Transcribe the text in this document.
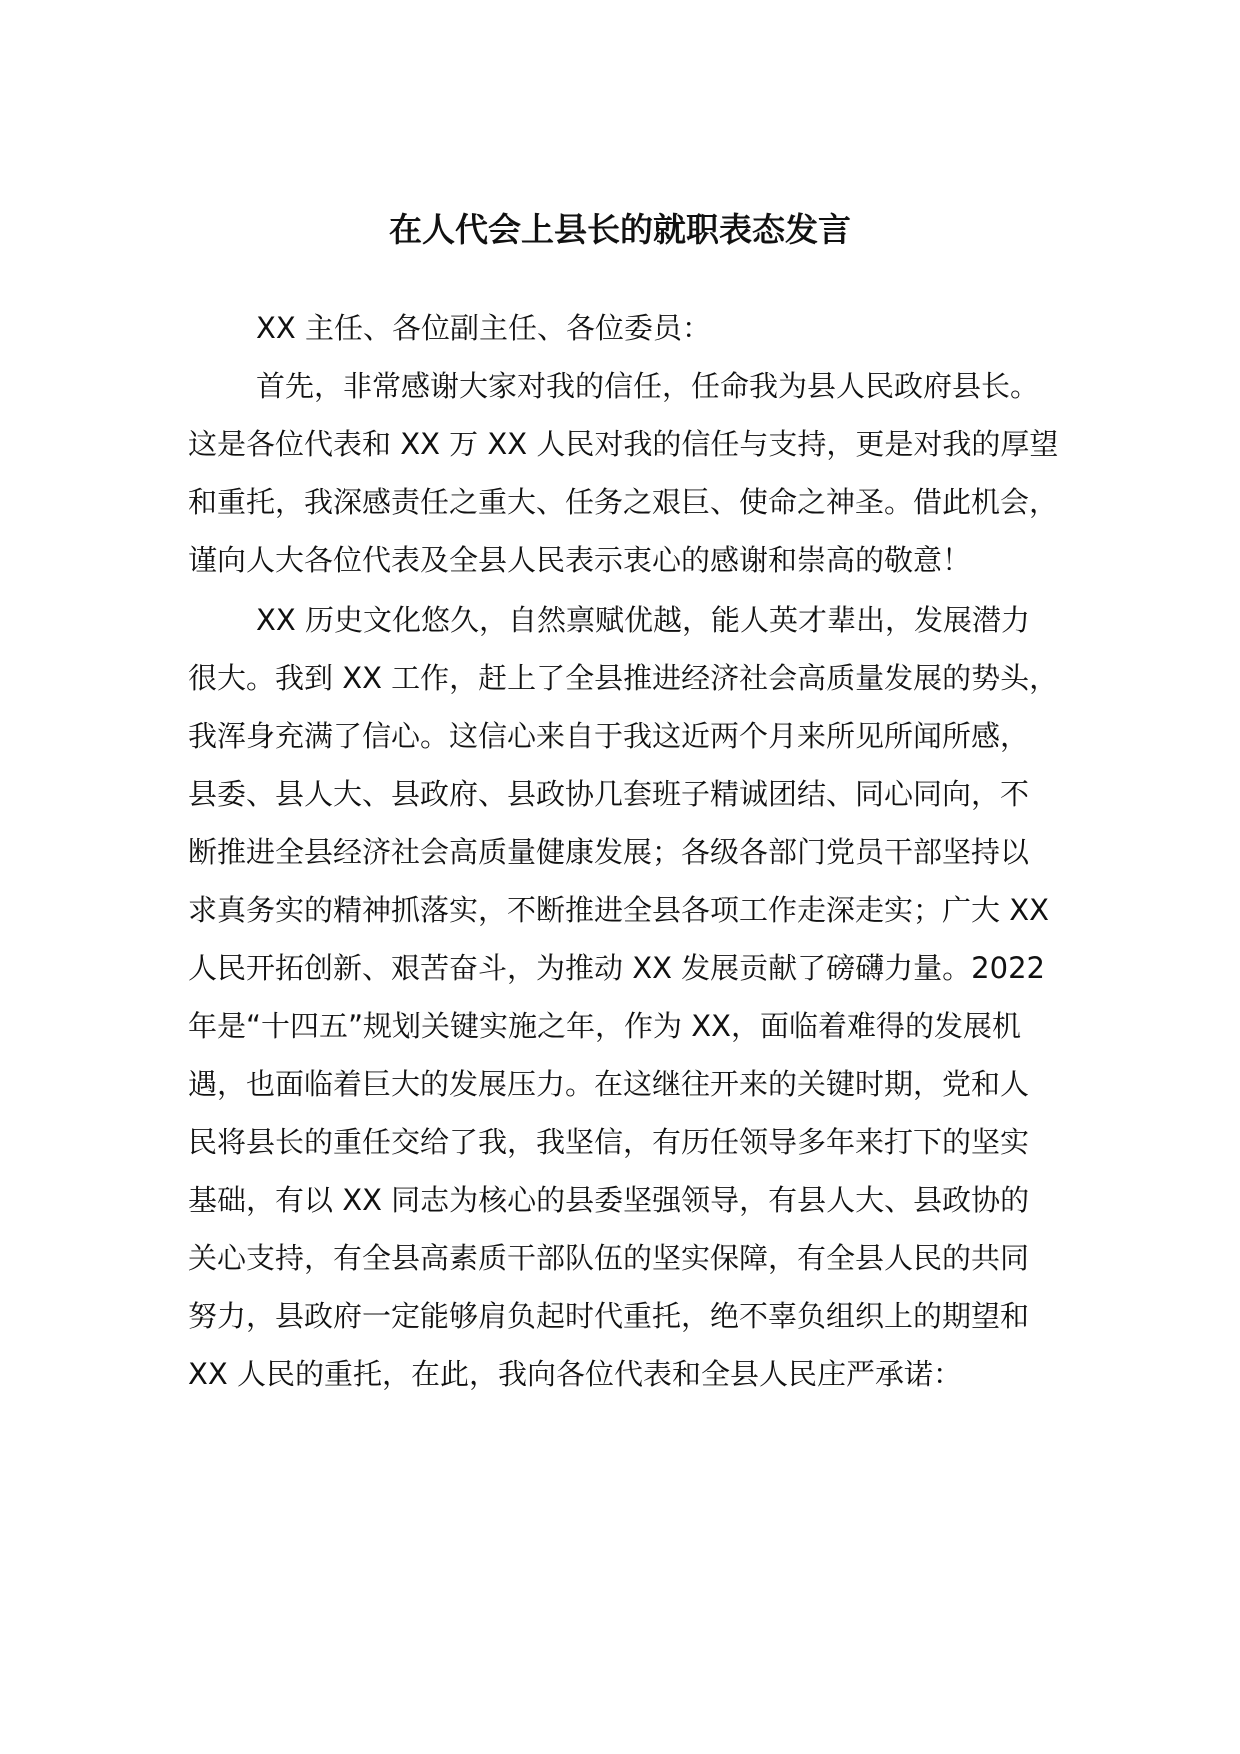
在人代会上县长的就职表态发言

XX 主任、各位副主任、各位委员：

首先，非常感谢大家对我的信任，任命我为县人民政府县长。

这是各位代表和 XX 万 XX 人民对我的信任与支持，更是对我的厚望

和重托，我深感责任之重大、任务之艰巨、使命之神圣。借此机会，

谨向人大各位代表及全县人民表示衷心的感谢和崇高的敬意！

XX 历史文化悠久，自然禀赋优越，能人英才辈出，发展潜力

很大。我到 XX 工作，赶上了全县推进经济社会高质量发展的势头，

我浑身充满了信心。这信心来自于我这近两个月来所见所闻所感，

县委、县人大、县政府、县政协几套班子精诚团结、同心同向，不

断推进全县经济社会高质量健康发展；各级各部门党员干部坚持以

求真务实的精神抓落实，不断推进全县各项工作走深走实；广大 XX

人民开拓创新、艰苦奋斗，为推动 XX 发展贡献了磅礴力量。2022

年是“十四五”规划关键实施之年，作为 XX，面临着难得的发展机

遇，也面临着巨大的发展压力。在这继往开来的关键时期，党和人

民将县长的重任交给了我，我坚信，有历任领导多年来打下的坚实

基础，有以 XX 同志为核心的县委坚强领导，有县人大、县政协的

关心支持，有全县高素质干部队伍的坚实保障，有全县人民的共同

努力，县政府一定能够肩负起时代重托，绝不辜负组织上的期望和

XX 人民的重托，在此，我向各位代表和全县人民庄严承诺：
